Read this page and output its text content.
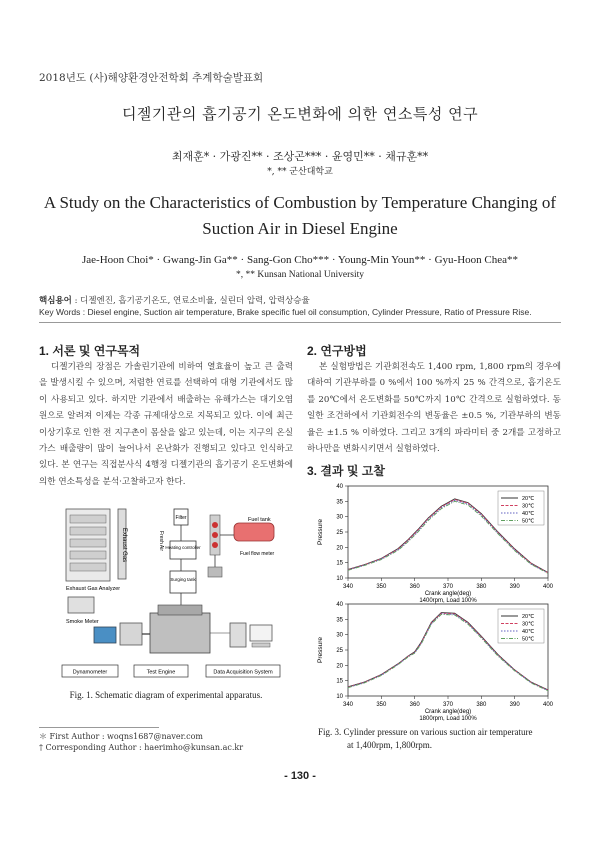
2018년도 (사)해양환경안전학회 추계학술발표회
디젤기관의 흡기공기 온도변화에 의한 연소특성 연구
최재훈* · 가광진** · 조상곤*** · 윤영민** · 채규훈**
*, ** 군산대학교
A Study on the Characteristics of Combustion by Temperature Changing of Suction Air in Diesel Engine
Jae-Hoon Choi* · Gwang-Jin Ga** · Sang-Gon Cho*** · Young-Min Youn** · Gyu-Hoon Chea**
*, ** Kunsan National University
핵심용어 : 디젤엔진, 흡기공기온도, 연료소비율, 실린더 압력, 압력상승율
Key Words : Diesel engine, Suction air temperature, Brake specific fuel oil consumption, Cylinder Pressure, Ratio of Pressure Rise.
1. 서론 및 연구목적
디젤기관의 장점은 가솔린기관에 비하여 열효율이 높고 큰 출력을 발생시킬 수 있으며, 저렴한 연료를 선택하여 대형 기관에서도 많이 사용되고 있다. 하지만 기관에서 배출하는 유해가스는 대기오염원으로 알려져 이제는 각종 규제대상으로 지목되고 있다. 이에 최근 이상기후로 인한 전 지구촌이 몸살을 앓고 있는데, 이는 지구의 온실가스 배출량이 많이 늘어나서 온난화가 진행되고 있다고 인식하고 있다. 본 연구는 직접분사식 4행정 디젤기관의 흡기공기 온도변화에 의한 연소특성을 분석·고찰하고자 한다.
Exhaust Gas
Exhaust Gas Analyzer
Smoke Meter
Filter
Fresh Air Heating controller
Surging tank
Fuel tank
Fuel flow meter
Dynamometer	Test Engine	Data Acquisition System
Fig. 1. Schematic diagram of experimental apparatus.
＊ First Author : woqns1687@naver.com
† Corresponding Author : haerimho@kunsan.ac.kr
2. 연구방법
본 실험방법은 기관회전속도 1,400 rpm, 1,800 rpm의 경우에 대하여 기관부하를 0 %에서 100 %까지 25 % 간격으로, 흡기온도를 20℃에서 온도변화를 50℃까지 10℃ 간격으로 실험하였다. 동일한 조건하에서 기관회전수의 변동율은 ±0.5 %, 기관부하의 변동율은 ±1.5 % 이하였다. 그리고 3개의 파라미터 중 2개를 고정하고 하나만을 변화시키면서 실험하였다.
3. 결과 및 고찰
340	350	360	370	380	390	400
10
15
20
25
30
35
40
Pressure
Crank angle(deg)
1400rpm, Load 100%
20℃
30℃
40℃
50℃
340	350	360	370	380	390	400
10
15
20
25
30
35
40
Pressure
Crank angle(deg)
1800rpm, Load 100%
20℃
30℃
40℃
50℃
Fig. 3. Cylinder pressure on various suction air temperature
at 1,400rpm, 1,800rpm.
- 130 -
